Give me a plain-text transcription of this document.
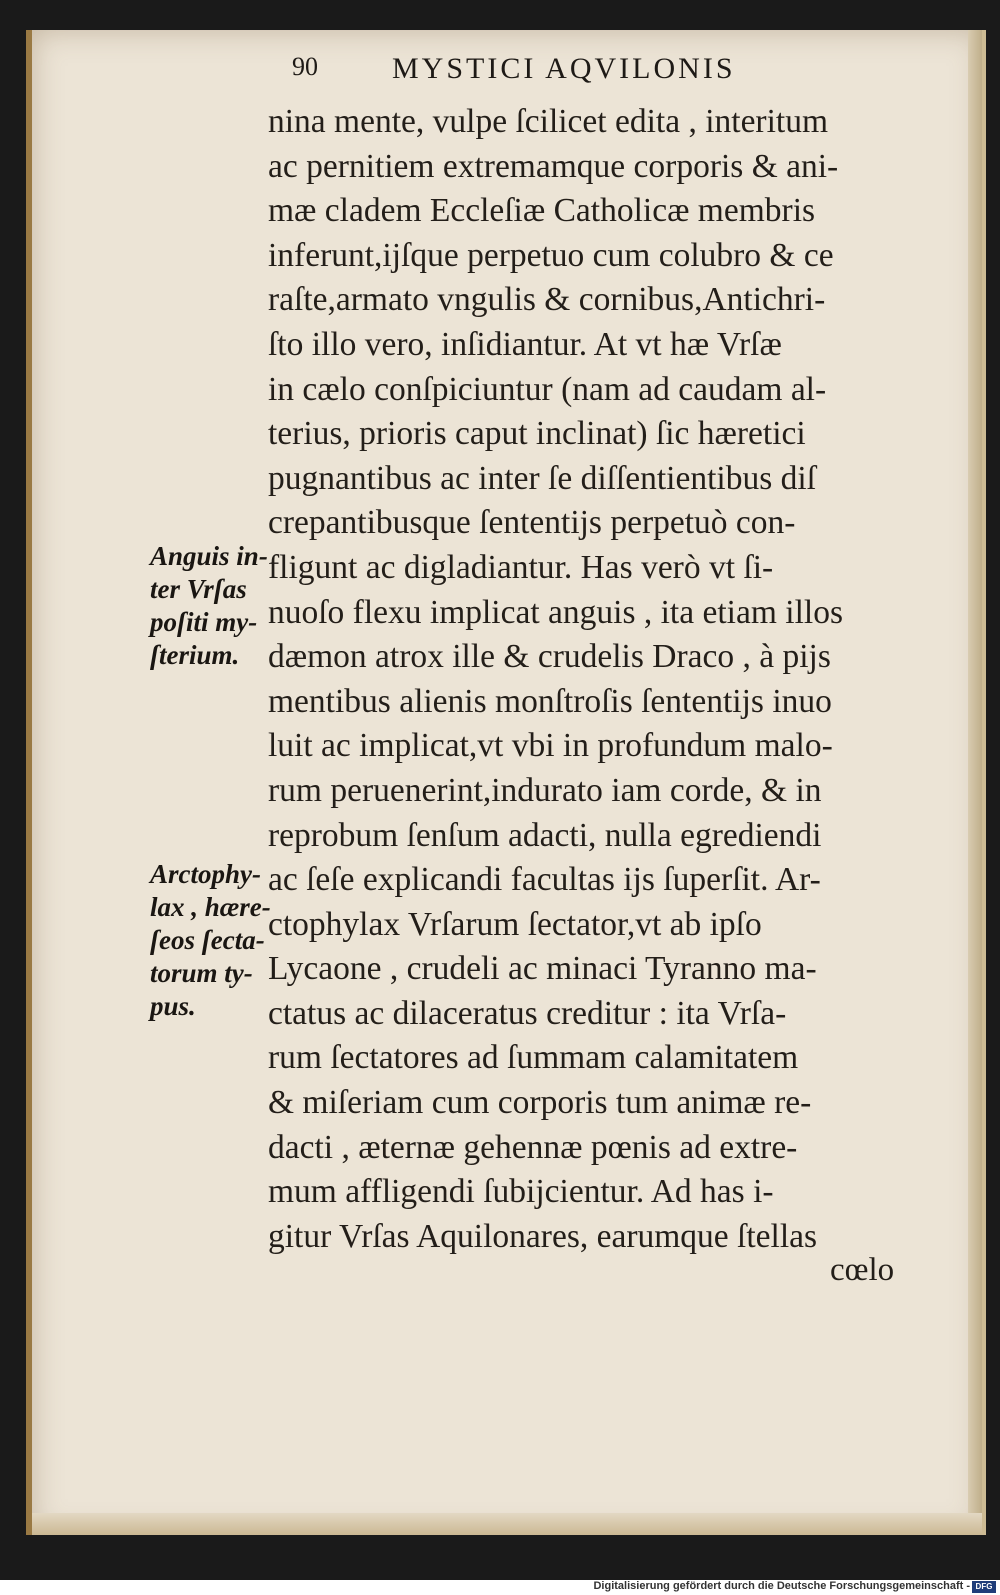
90 MYSTICI AQVILONIS
nina mente, vulpe ſcilicet edita , interitum
ac pernitiem extremamque corporis & ani-
mæ cladem Eccleſiæ Catholicæ membris
inferunt,ijſque perpetuo cum colubro & ce
raſte,armato vngulis & cornibus,Antichri-
ſto illo vero, inſidiantur. At vt hæ Vrſæ
in cælo conſpiciuntur (nam ad caudam al-
terius, prioris caput inclinat) ſic hæretici
pugnantibus ac inter ſe diſſentientibus diſ
crepantibusque ſententijs perpetuò con-
fligunt ac digladiantur. Has verò vt ſi-
nuoſo flexu implicat anguis , ita etiam illos
dæmon atrox ille & crudelis Draco , à pijs
mentibus alienis monſtroſis ſententijs inuo
luit ac implicat,vt vbi in profundum malo-
rum peruenerint,indurato iam corde, & in
reprobum ſenſum adacti, nulla egrediendi
ac ſeſe explicandi facultas ijs ſuperſit. Ar-
ctophylax Vrſarum ſectator,vt ab ipſo
Lycaone , crudeli ac minaci Tyranno ma-
ctatus ac dilaceratus creditur : ita Vrſa-
rum ſectatores ad ſummam calamitatem
& miſeriam cum corporis tum animæ re-
dacti , æternæ gehennæ pœnis ad extre-
mum affligendi ſubijcientur. Ad has i-
gitur Vrſas Aquilonares, earumque ſtellas
cœlo
Anguis in-
ter Vrſas
poſiti my-
ſterium.
Arctophy-
lax , hære-
ſeos ſecta-
torum ty-
pus.
Digitalisierung gefördert durch die Deutsche Forschungsgemeinschaft - DFG
